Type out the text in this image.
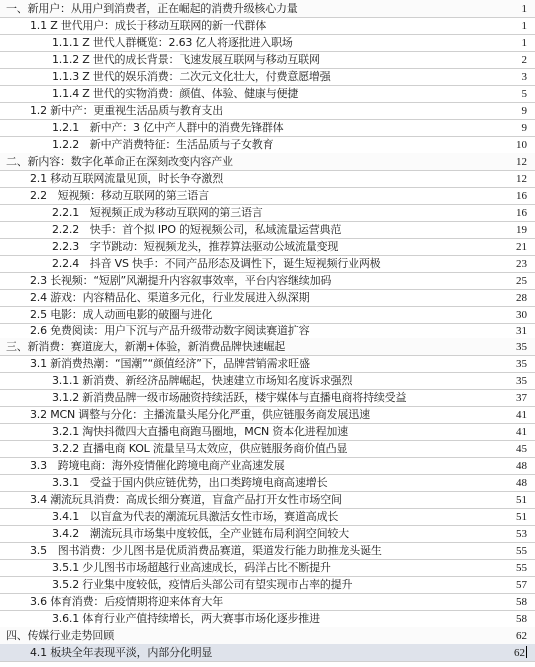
一、新用户：从用户到消费者，正在崛起的消费升级核心力量	1
1.1 Z 世代用户：成长于移动互联网的新一代群体	1
1.1.1 Z 世代人群概览：2.63 亿人将逐批进入职场	1
1.1.2 Z 世代的成长背景：飞速发展互联网与移动互联网	2
1.1.3 Z 世代的娱乐消费：二次元文化壮大，付费意愿增强	3
1.1.4 Z 世代的实物消费：颜值、体验、健康与便捷	5
1.2 新中产：更重视生活品质与教育支出	9
1.2.1　新中产：3 亿中产人群中的消费先锋群体	9
1.2.2　新中产消费特征：生活品质与子女教育	10
二、新内容：数字化革命正在深刻改变内容产业	12
2.1 移动互联网流量见顶，时长争夺激烈	12
2.2　短视频：移动互联网的第三语言	16
2.2.1　短视频正成为移动互联网的第三语言	16
2.2.2　快手：首个拟 IPO 的短视频公司，私域流量运营典范	19
2.2.3　字节跳动：短视频龙头，推荐算法驱动公域流量变现	21
2.2.4　抖音 VS 快手：不同产品形态及调性下，诞生短视频行业两极	23
2.3 长视频：“短剧”风潮提升内容叙事效率，平台内容继续加码	25
2.4 游戏：内容精品化、渠道多元化，行业发展进入纵深期	28
2.5 电影：成人动画电影的破圈与进化	30
2.6 免费阅读：用户下沉与产品升级带动数字阅读赛道扩容	31
三、新消费：赛道庞大，新潮+体验，新消费品牌快速崛起	35
3.1 新消费热潮：“国潮”“颜值经济”下，品牌营销需求旺盛	35
3.1.1 新消费、新经济品牌崛起，快速建立市场知名度诉求强烈	35
3.1.2 新消费品牌一级市场融资持续活跃，楼宇媒体与直播电商将持续受益	37
3.2 MCN 调整与分化：主播流量头尾分化严重，供应链服务商发展迅速	41
3.2.1 淘快抖微四大直播电商跑马圈地，MCN 资本化进程加速	41
3.2.2 直播电商 KOL 流量呈马太效应，供应链服务商价值凸显	45
3.3　跨境电商：海外疫情催化跨境电商产业高速发展	48
3.3.1　受益于国内供应链优势，出口类跨境电商高速增长	48
3.4 潮流玩具消费：高成长细分赛道，盲盒产品打开女性市场空间	51
3.4.1　以盲盒为代表的潮流玩具激活女性市场，赛道高成长	51
3.4.2　潮流玩具市场集中度较低，全产业链布局利润空间较大	53
3.5　图书消费：少儿图书是优质消费品赛道，渠道发行能力助推龙头诞生	55
3.5.1 少儿图书市场超越行业高速成长，码洋占比不断提升	55
3.5.2 行业集中度较低，疫情后头部公司有望实现市占率的提升	57
3.6 体育消费：后疫情期将迎来体育大年	58
3.6.1 体育行业产值持续增长，两大赛事市场化逐步推进	58
四、传媒行业走势回顾	62
4.1 板块全年表现平淡，内部分化明显	62
